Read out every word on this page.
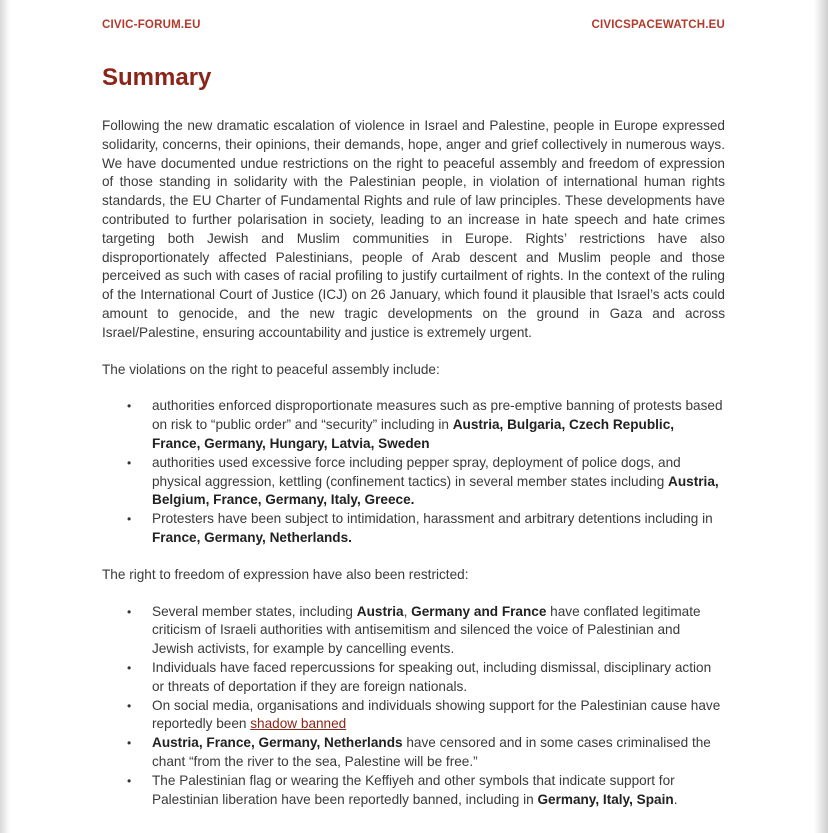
CIVIC-FORUM.EU	CIVICSPACEWATCH.EU
Summary

Following the new dramatic escalation of violence in Israel and Palestine, people in Europe expressed solidarity, concerns, their opinions, their demands, hope, anger and grief collectively in numerous ways. We have documented undue restrictions on the right to peaceful assembly and freedom of expression of those standing in solidarity with the Palestinian people, in violation of international human rights standards, the EU Charter of Fundamental Rights and rule of law principles. These developments have contributed to further polarisation in society, leading to an increase in hate speech and hate crimes targeting both Jewish and Muslim communities in Europe. Rights’ restrictions have also disproportionately affected Palestinians, people of Arab descent and Muslim people and those perceived as such with cases of racial profiling to justify curtailment of rights. In the context of the ruling of the International Court of Justice (ICJ) on 26 January, which found it plausible that Israel’s acts could amount to genocide, and the new tragic developments on the ground in Gaza and across Israel/Palestine, ensuring accountability and justice is extremely urgent.

The violations on the right to peaceful assembly include:

• authorities enforced disproportionate measures such as pre-emptive banning of protests based on risk to “public order” and “security” including in Austria, Bulgaria, Czech Republic, France, Germany, Hungary, Latvia, Sweden
• authorities used excessive force including pepper spray, deployment of police dogs, and physical aggression, kettling (confinement tactics) in several member states including Austria, Belgium, France, Germany, Italy, Greece.
• Protesters have been subject to intimidation, harassment and arbitrary detentions including in France, Germany, Netherlands.

The right to freedom of expression have also been restricted:

• Several member states, including Austria, Germany and France have conflated legitimate criticism of Israeli authorities with antisemitism and silenced the voice of Palestinian and Jewish activists, for example by cancelling events.
• Individuals have faced repercussions for speaking out, including dismissal, disciplinary action or threats of deportation if they are foreign nationals.
• On social media, organisations and individuals showing support for the Palestinian cause have reportedly been shadow banned
• Austria, France, Germany, Netherlands have censored and in some cases criminalised the chant “from the river to the sea, Palestine will be free.”
• The Palestinian flag or wearing the Keffiyeh and other symbols that indicate support for Palestinian liberation have been reportedly banned, including in Germany, Italy, Spain.
